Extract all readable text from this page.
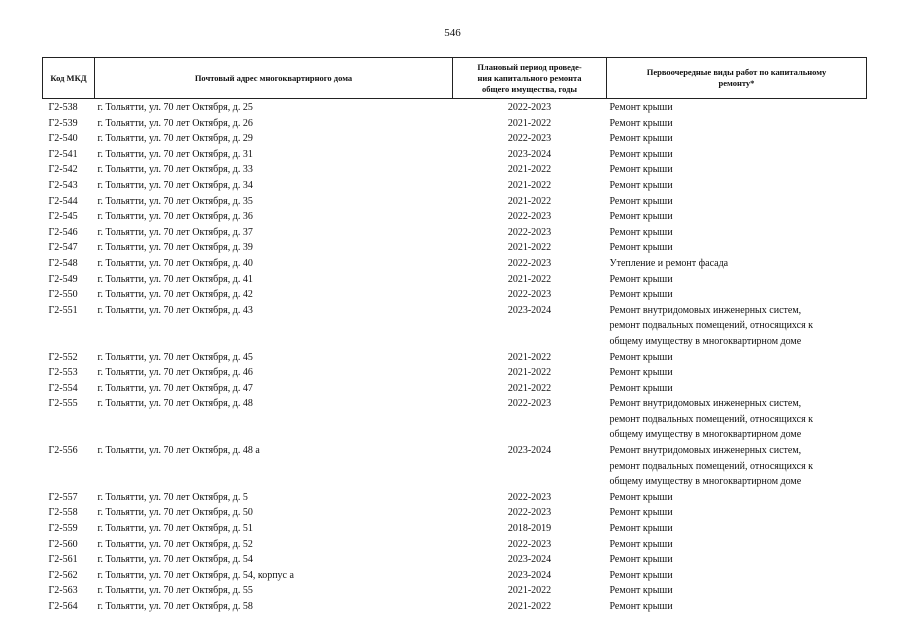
546
Код МКД	Почтовый адрес многоквартирного дома	Плановый период проведе-
ния капитального ремонта
общего имущества, годы	Первоочередные виды работ по капитальному
ремонту*
Г2-538	г. Тольятти, ул. 70 лет Октября, д. 25	2022-2023	Ремонт крыши
Г2-539	г. Тольятти, ул. 70 лет Октября, д. 26	2021-2022	Ремонт крыши
Г2-540	г. Тольятти, ул. 70 лет Октября, д. 29	2022-2023	Ремонт крыши
Г2-541	г. Тольятти, ул. 70 лет Октября, д. 31	2023-2024	Ремонт крыши
Г2-542	г. Тольятти, ул. 70 лет Октября, д. 33	2021-2022	Ремонт крыши
Г2-543	г. Тольятти, ул. 70 лет Октября, д. 34	2021-2022	Ремонт крыши
Г2-544	г. Тольятти, ул. 70 лет Октября, д. 35	2021-2022	Ремонт крыши
Г2-545	г. Тольятти, ул. 70 лет Октября, д. 36	2022-2023	Ремонт крыши
Г2-546	г. Тольятти, ул. 70 лет Октября, д. 37	2022-2023	Ремонт крыши
Г2-547	г. Тольятти, ул. 70 лет Октября, д. 39	2021-2022	Ремонт крыши
Г2-548	г. Тольятти, ул. 70 лет Октября, д. 40	2022-2023	Утепление и ремонт фасада
Г2-549	г. Тольятти, ул. 70 лет Октября, д. 41	2021-2022	Ремонт крыши
Г2-550	г. Тольятти, ул. 70 лет Октября, д. 42	2022-2023	Ремонт крыши
Г2-551	г. Тольятти, ул. 70 лет Октября, д. 43	2023-2024	Ремонт внутридомовых инженерных систем,
ремонт подвальных помещений, относящихся к
общему имуществу в многоквартирном доме
Г2-552	г. Тольятти, ул. 70 лет Октября, д. 45	2021-2022	Ремонт крыши
Г2-553	г. Тольятти, ул. 70 лет Октября, д. 46	2021-2022	Ремонт крыши
Г2-554	г. Тольятти, ул. 70 лет Октября, д. 47	2021-2022	Ремонт крыши
Г2-555	г. Тольятти, ул. 70 лет Октября, д. 48	2022-2023	Ремонт внутридомовых инженерных систем,
ремонт подвальных помещений, относящихся к
общему имуществу в многоквартирном доме
Г2-556	г. Тольятти, ул. 70 лет Октября, д. 48 а	2023-2024	Ремонт внутридомовых инженерных систем,
ремонт подвальных помещений, относящихся к
общему имуществу в многоквартирном доме
Г2-557	г. Тольятти, ул. 70 лет Октября, д. 5	2022-2023	Ремонт крыши
Г2-558	г. Тольятти, ул. 70 лет Октября, д. 50	2022-2023	Ремонт крыши
Г2-559	г. Тольятти, ул. 70 лет Октября, д. 51	2018-2019	Ремонт крыши
Г2-560	г. Тольятти, ул. 70 лет Октября, д. 52	2022-2023	Ремонт крыши
Г2-561	г. Тольятти, ул. 70 лет Октября, д. 54	2023-2024	Ремонт крыши
Г2-562	г. Тольятти, ул. 70 лет Октября, д. 54, корпус а	2023-2024	Ремонт крыши
Г2-563	г. Тольятти, ул. 70 лет Октября, д. 55	2021-2022	Ремонт крыши
Г2-564	г. Тольятти, ул. 70 лет Октября, д. 58	2021-2022	Ремонт крыши
